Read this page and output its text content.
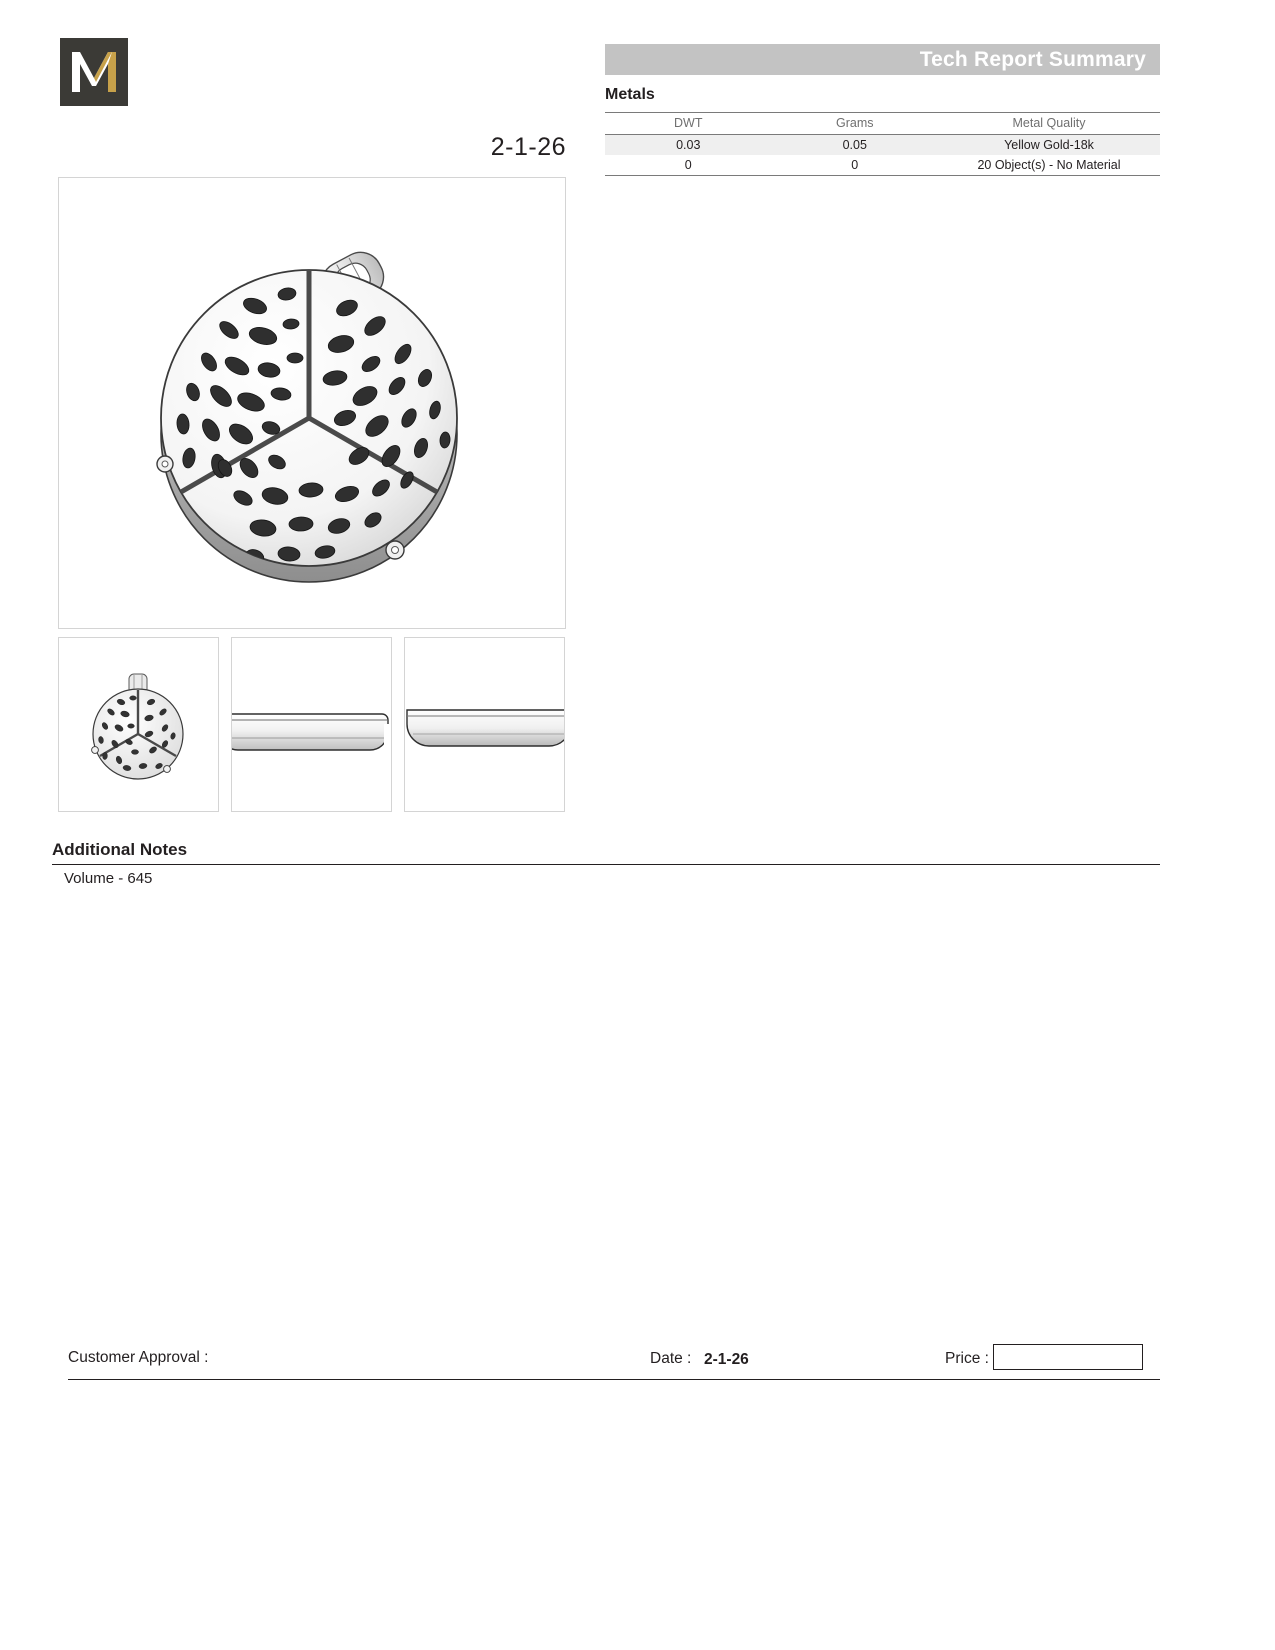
2-1-26
Tech Report Summary
Metals
DWT	Grams	Metal Quality
0.03	0.05	Yellow Gold-18k
0	0	20 Object(s) - No Material
Additional Notes
Volume - 645
Customer Approval :	Date : 2-1-26	Price :
